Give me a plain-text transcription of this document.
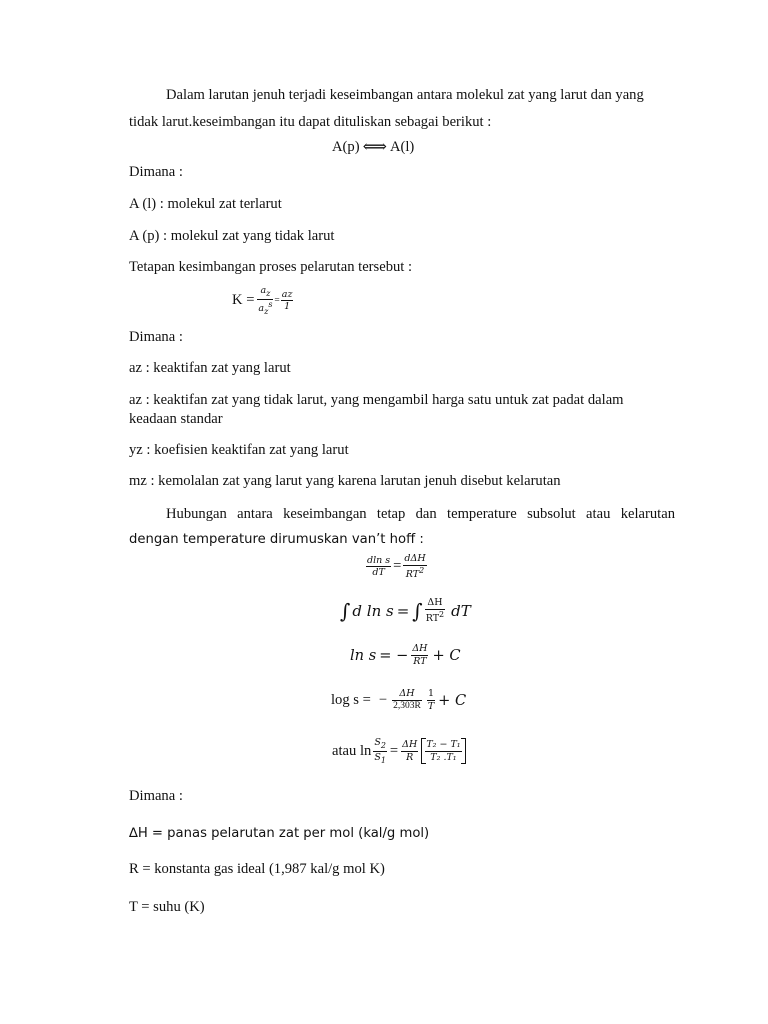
Dalam larutan jenuh terjadi keseimbangan antara molekul zat yang larut dan yang
tidak larut.keseimbangan itu dapat dituliskan sebagai berikut :
A(p) ⟺ A(l)
Dimana :
A (l) : molekul zat terlarut
A (p) : molekul zat yang tidak larut
Tetapan kesimbangan proses pelarutan tersebut :
$K = \frac{a_z}{a_z^s} = \frac{az}{1}$
Dimana :
az : keaktifan zat yang larut
az : keaktifan zat yang tidak larut, yang mengambil harga satu untuk zat padat dalam
keadaan standar
yz : koefisien keaktifan zat yang larut
mz : kemolalan zat yang larut yang karena larutan jenuh disebut kelarutan
Hubungan antara keseimbangan tetap dan temperature subsolut atau kelarutan
dengan temperature dirumuskan van’t hoff :
$\frac{\text{dln s}}{dT} = \frac{\text{dΔH}}{RT^2}$
∫ d ln s = ∫ $\frac{\Delta H}{RT^2}$ dT
ln s = − $\frac{\Delta H}{RT} + C$
log s = − $\frac{\Delta H}{2,303R} \frac{1}{T} + C$
atau $\ln \frac{S_2}{S_1} = \frac{\Delta H}{R} \frac{\text{T₂ − T₁}}{\text{T₂ .T₁}}$
Dimana :
∆H = panas pelarutan zat per mol (kal/g mol)
R = konstanta gas ideal (1,987 kal/g mol K)
T = suhu (K)
